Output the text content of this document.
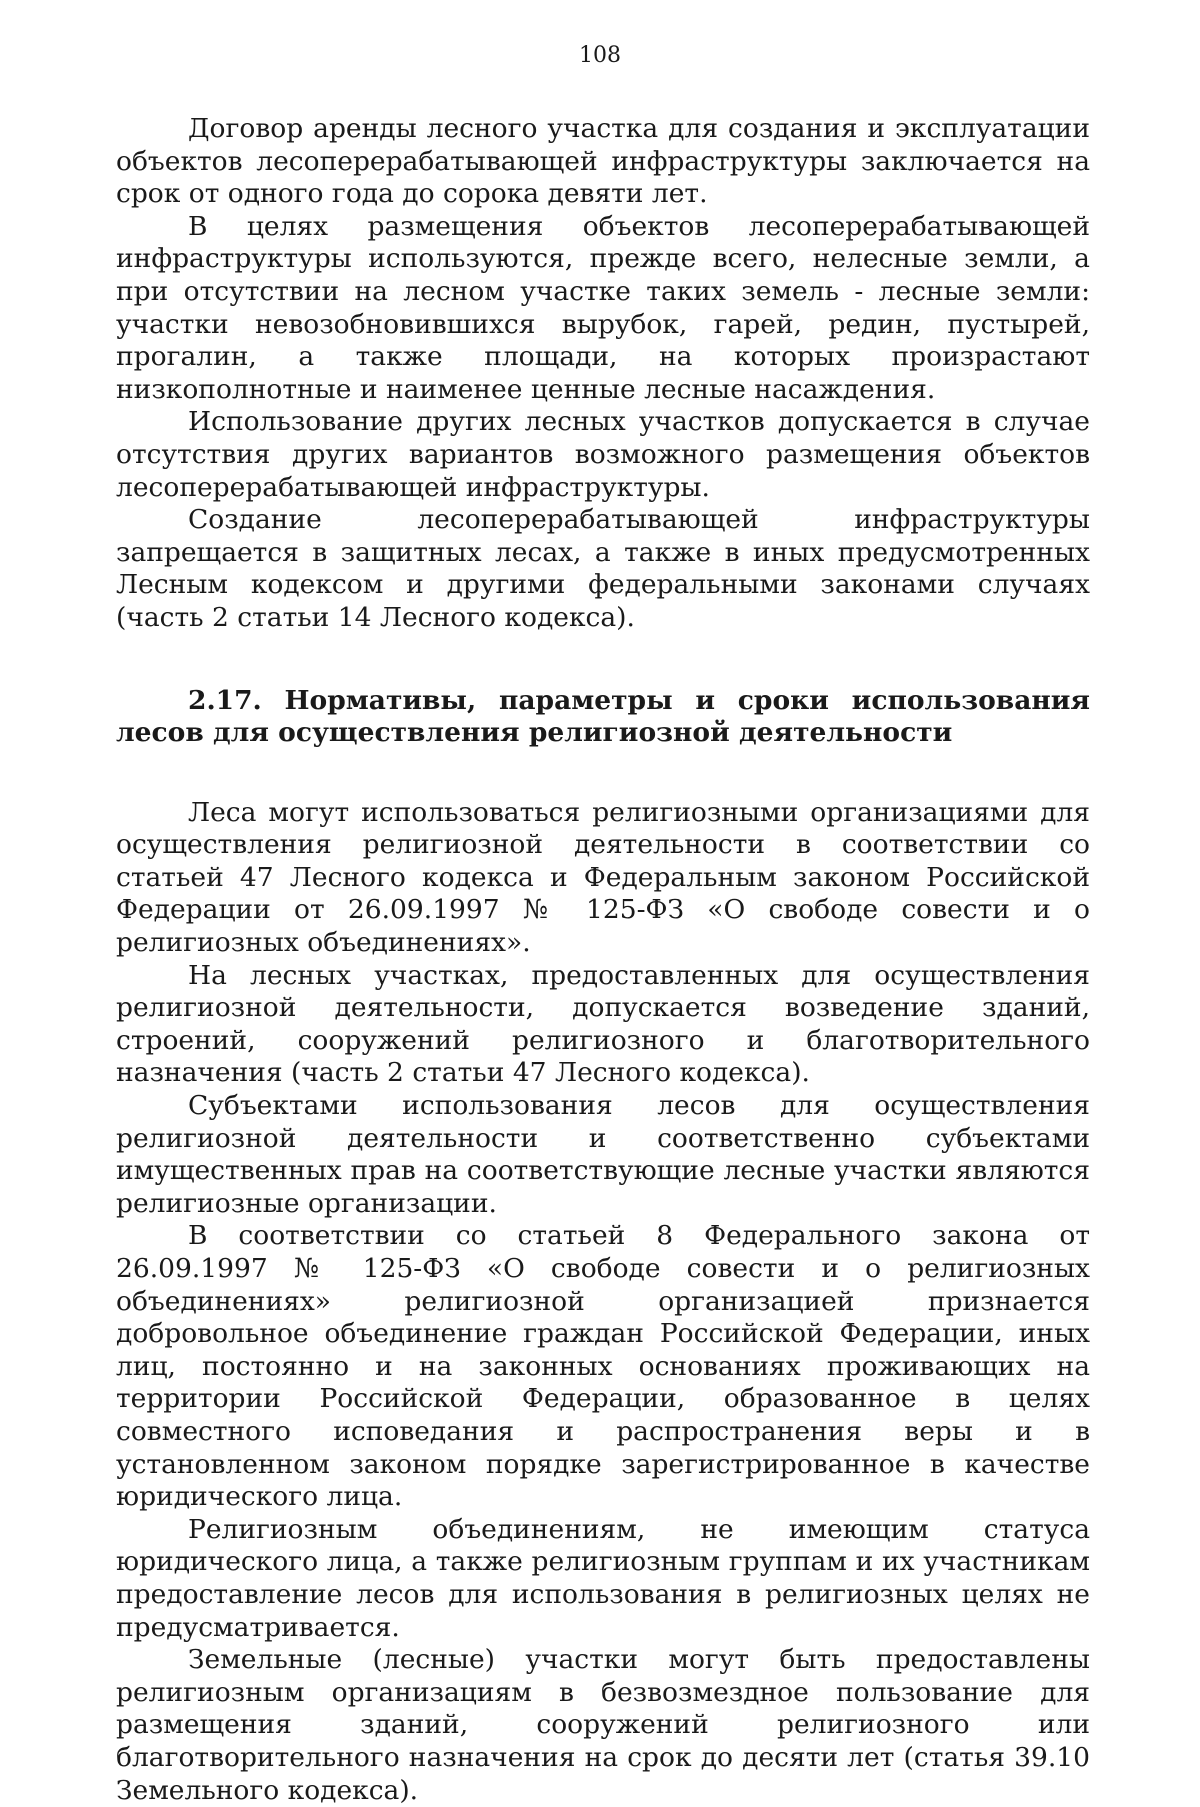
108

Договор аренды лесного участка для создания и эксплуатации объектов лесоперерабатывающей инфраструктуры заключается на срок от одного года до сорока девяти лет.

В целях размещения объектов лесоперерабатывающей инфраструктуры используются, прежде всего, нелесные земли, а при отсутствии на лесном участке таких земель - лесные земли: участки невозобновившихся вырубок, гарей, редин, пустырей, прогалин, а также площади, на которых произрастают низкополнотные и наименее ценные лесные насаждения.

Использование других лесных участков допускается в случае отсутствия других вариантов возможного размещения объектов лесоперерабатывающей инфраструктуры.

Создание лесоперерабатывающей инфраструктуры запрещается в защитных лесах, а также в иных предусмотренных Лесным кодексом и другими федеральными законами случаях (часть 2 статьи 14 Лесного кодекса).

2.17. Нормативы, параметры и сроки использования лесов для осуществления религиозной деятельности

Леса могут использоваться религиозными организациями для осуществления религиозной деятельности в соответствии со статьей 47 Лесного кодекса и Федеральным законом Российской Федерации от 26.09.1997 № 125-ФЗ «О свободе совести и о религиозных объединениях».

На лесных участках, предоставленных для осуществления религиозной деятельности, допускается возведение зданий, строений, сооружений религиозного и благотворительного назначения (часть 2 статьи 47 Лесного кодекса).

Субъектами использования лесов для осуществления религиозной деятельности и соответственно субъектами имущественных прав на соответствующие лесные участки являются религиозные организации.

В соответствии со статьей 8 Федерального закона от 26.09.1997 № 125-ФЗ «О свободе совести и о религиозных объединениях» религиозной организацией признается добровольное объединение граждан Российской Федерации, иных лиц, постоянно и на законных основаниях проживающих на территории Российской Федерации, образованное в целях совместного исповедания и распространения веры и в установленном законом порядке зарегистрированное в качестве юридического лица.

Религиозным объединениям, не имеющим статуса юридического лица, а также религиозным группам и их участникам предоставление лесов для использования в религиозных целях не предусматривается.

Земельные (лесные) участки могут быть предоставлены религиозным организациям в безвозмездное пользование для размещения зданий, сооружений религиозного или благотворительного назначения на срок до десяти лет (статья 39.10 Земельного кодекса).
